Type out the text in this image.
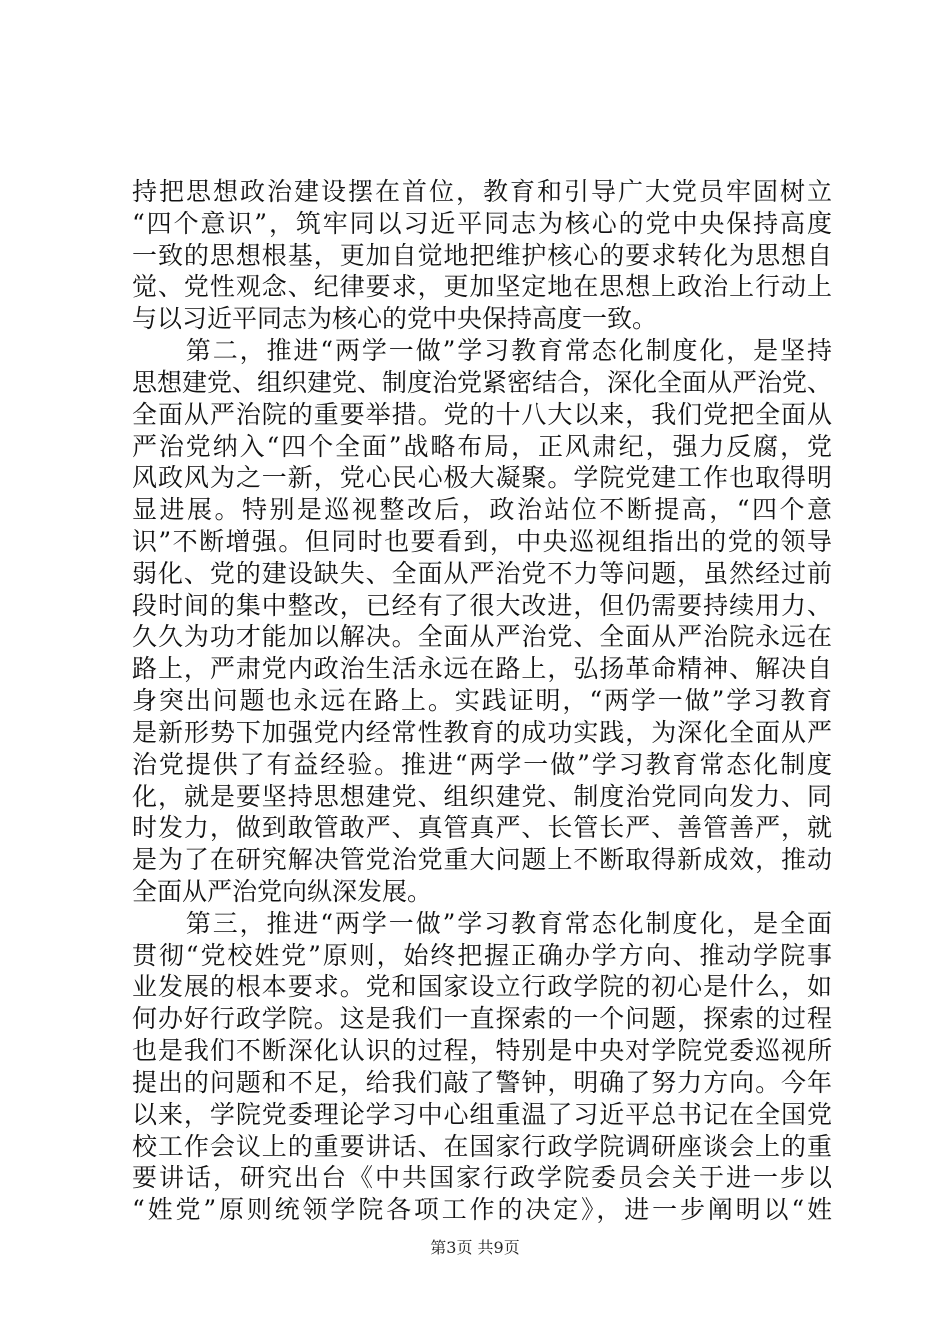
持把思想政治建设摆在首位，教育和引导广大党员牢固树立
“四个意识”，筑牢同以习近平同志为核心的党中央保持高度
一致的思想根基，更加自觉地把维护核心的要求转化为思想自
觉、党性观念、纪律要求，更加坚定地在思想上政治上行动上
与以习近平同志为核心的党中央保持高度一致。
　　第二，推进“两学一做”学习教育常态化制度化，是坚持
思想建党、组织建党、制度治党紧密结合，深化全面从严治党、
全面从严治院的重要举措。党的十八大以来，我们党把全面从
严治党纳入“四个全面”战略布局，正风肃纪，强力反腐，党
风政风为之一新，党心民心极大凝聚。学院党建工作也取得明
显进展。特别是巡视整改后，政治站位不断提高，“四个意
识”不断增强。但同时也要看到，中央巡视组指出的党的领导
弱化、党的建设缺失、全面从严治党不力等问题，虽然经过前
段时间的集中整改，已经有了很大改进，但仍需要持续用力、
久久为功才能加以解决。全面从严治党、全面从严治院永远在
路上，严肃党内政治生活永远在路上，弘扬革命精神、解决自
身突出问题也永远在路上。实践证明，“两学一做”学习教育
是新形势下加强党内经常性教育的成功实践，为深化全面从严
治党提供了有益经验。推进“两学一做”学习教育常态化制度
化，就是要坚持思想建党、组织建党、制度治党同向发力、同
时发力，做到敢管敢严、真管真严、长管长严、善管善严，就
是为了在研究解决管党治党重大问题上不断取得新成效，推动
全面从严治党向纵深发展。
　　第三，推进“两学一做”学习教育常态化制度化，是全面
贯彻“党校姓党”原则，始终把握正确办学方向、推动学院事
业发展的根本要求。党和国家设立行政学院的初心是什么，如
何办好行政学院。这是我们一直探索的一个问题，探索的过程
也是我们不断深化认识的过程，特别是中央对学院党委巡视所
提出的问题和不足，给我们敲了警钟，明确了努力方向。今年
以来，学院党委理论学习中心组重温了习近平总书记在全国党
校工作会议上的重要讲话、在国家行政学院调研座谈会上的重
要讲话，研究出台《中共国家行政学院委员会关于进一步以
“姓党”原则统领学院各项工作的决定》，进一步阐明以“姓
第3页 共9页
